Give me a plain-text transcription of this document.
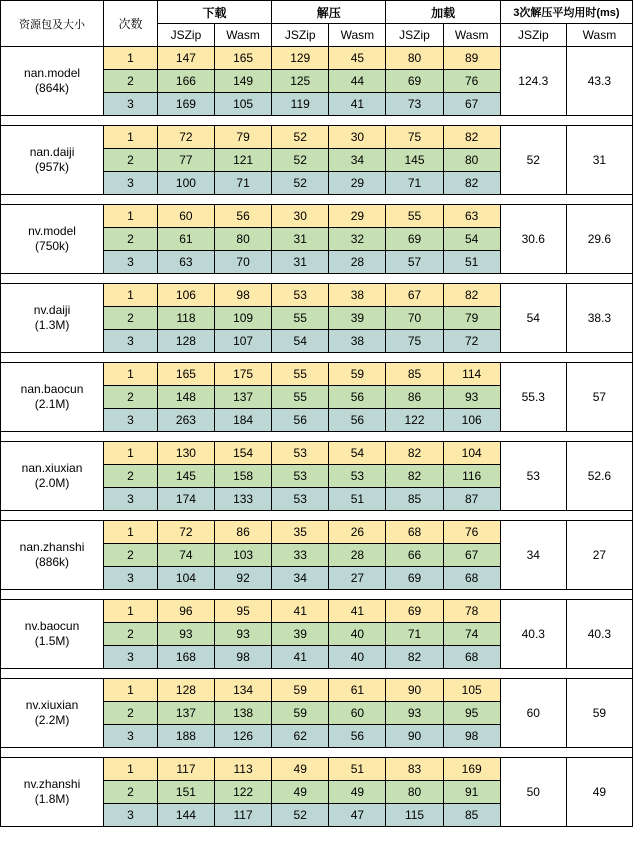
资源包及大小	次数	下载		解压		加载		3次解压平均用时(ms)	
		JSZip	Wasm	JSZip	Wasm	JSZip	Wasm	JSZip	Wasm

nan.model
(864k)	1	147	165	129	45	80	89	124.3	43.3
	2	166	149	125	44	69	76		
	3	169	105	119	41	73	67		

nan.daiji
(957k)	1	72	79	52	30	75	82	52	31
	2	77	121	52	34	145	80		
	3	100	71	52	29	71	82		

nv.model
(750k)	1	60	56	30	29	55	63	30.6	29.6
	2	61	80	31	32	69	54		
	3	63	70	31	28	57	51		

nv.daiji
(1.3M)	1	106	98	53	38	67	82	54	38.3
	2	118	109	55	39	70	79		
	3	128	107	54	38	75	72		

nan.baocun
(2.1M)	1	165	175	55	59	85	114	55.3	57
	2	148	137	55	56	86	93		
	3	263	184	56	56	122	106		

nan.xiuxian
(2.0M)	1	130	154	53	54	82	104	53	52.6
	2	145	158	53	53	82	116		
	3	174	133	53	51	85	87		

nan.zhanshi
(886k)	1	72	86	35	26	68	76	34	27
	2	74	103	33	28	66	67		
	3	104	92	34	27	69	68		

nv.baocun
(1.5M)	1	96	95	41	41	69	78	40.3	40.3
	2	93	93	39	40	71	74		
	3	168	98	41	40	82	68		

nv.xiuxian
(2.2M)	1	128	134	59	61	90	105	60	59
	2	137	138	59	60	93	95		
	3	188	126	62	56	90	98		

nv.zhanshi
(1.8M)	1	117	113	49	51	83	169	50	49
	2	151	122	49	49	80	91		
	3	144	117	52	47	115	85		
